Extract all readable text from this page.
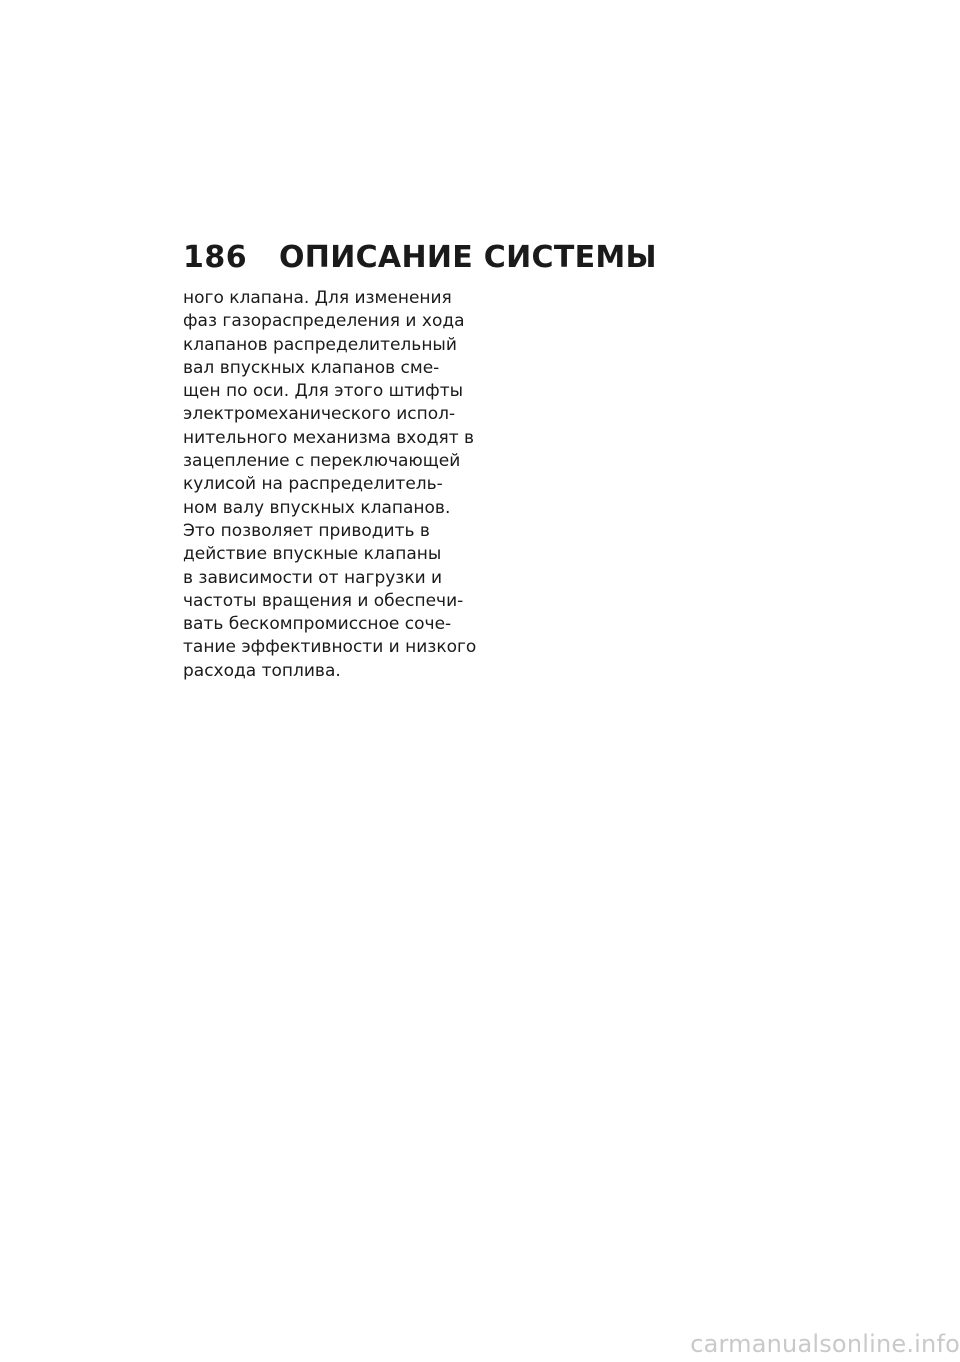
186	ОПИСАНИЕ СИСТЕМЫ
ного клапана. Для изменения
фаз газораспределения и хода
клапанов распределительный
вал впускных клапанов сме‐
щен по оси. Для этого штифты
электромеханического испол‐
нительного механизма входят в
зацепление с переключающей
кулисой на распределитель‐
ном валу впускных клапанов.
Это позволяет приводить в
действие впускные клапаны
в зависимости от нагрузки и
частоты вращения и обеспечи‐
вать бескомпромиссное соче‐
тание эффективности и низкого
расхода топлива.
carmanualsonline.info
